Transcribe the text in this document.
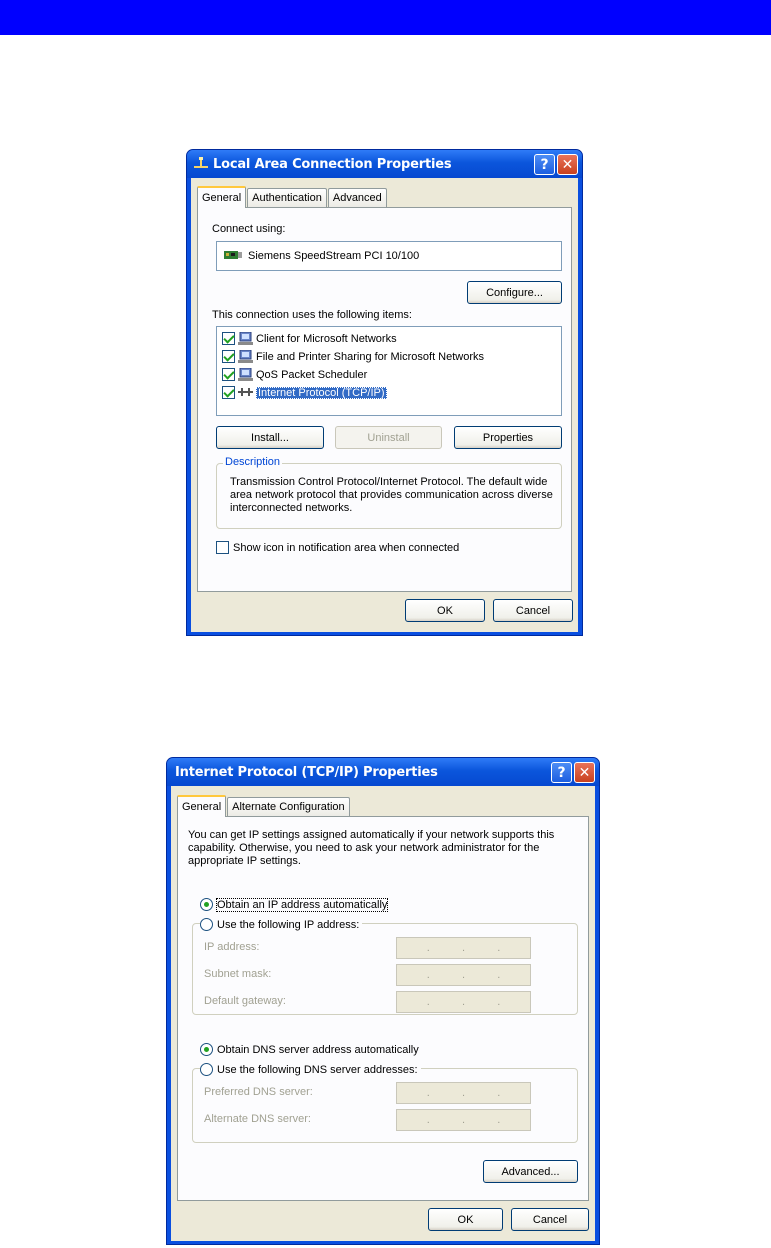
Local Area Connection Properties	? ✕
General	Authentication	Advanced
Connect using:
Siemens SpeedStream PCI 10/100
Configure...
This connection uses the following items:
Client for Microsoft Networks
File and Printer Sharing for Microsoft Networks
QoS Packet Scheduler
Internet Protocol (TCP/IP)
Install...	Uninstall	Properties
Description
Transmission Control Protocol/Internet Protocol. The default wide area network protocol that provides communication across diverse interconnected networks.
Show icon in notification area when connected
OK	Cancel
Internet Protocol (TCP/IP) Properties	? ✕
General	Alternate Configuration
You can get IP settings assigned automatically if your network supports this capability. Otherwise, you need to ask your network administrator for the appropriate IP settings.
Obtain an IP address automatically
Use the following IP address:
IP address:	.	.	.
Subnet mask:	.	.	.
Default gateway:	.	.	.
Obtain DNS server address automatically
Use the following DNS server addresses:
Preferred DNS server:	.	.	.
Alternate DNS server:	.	.	.
Advanced...
OK	Cancel
